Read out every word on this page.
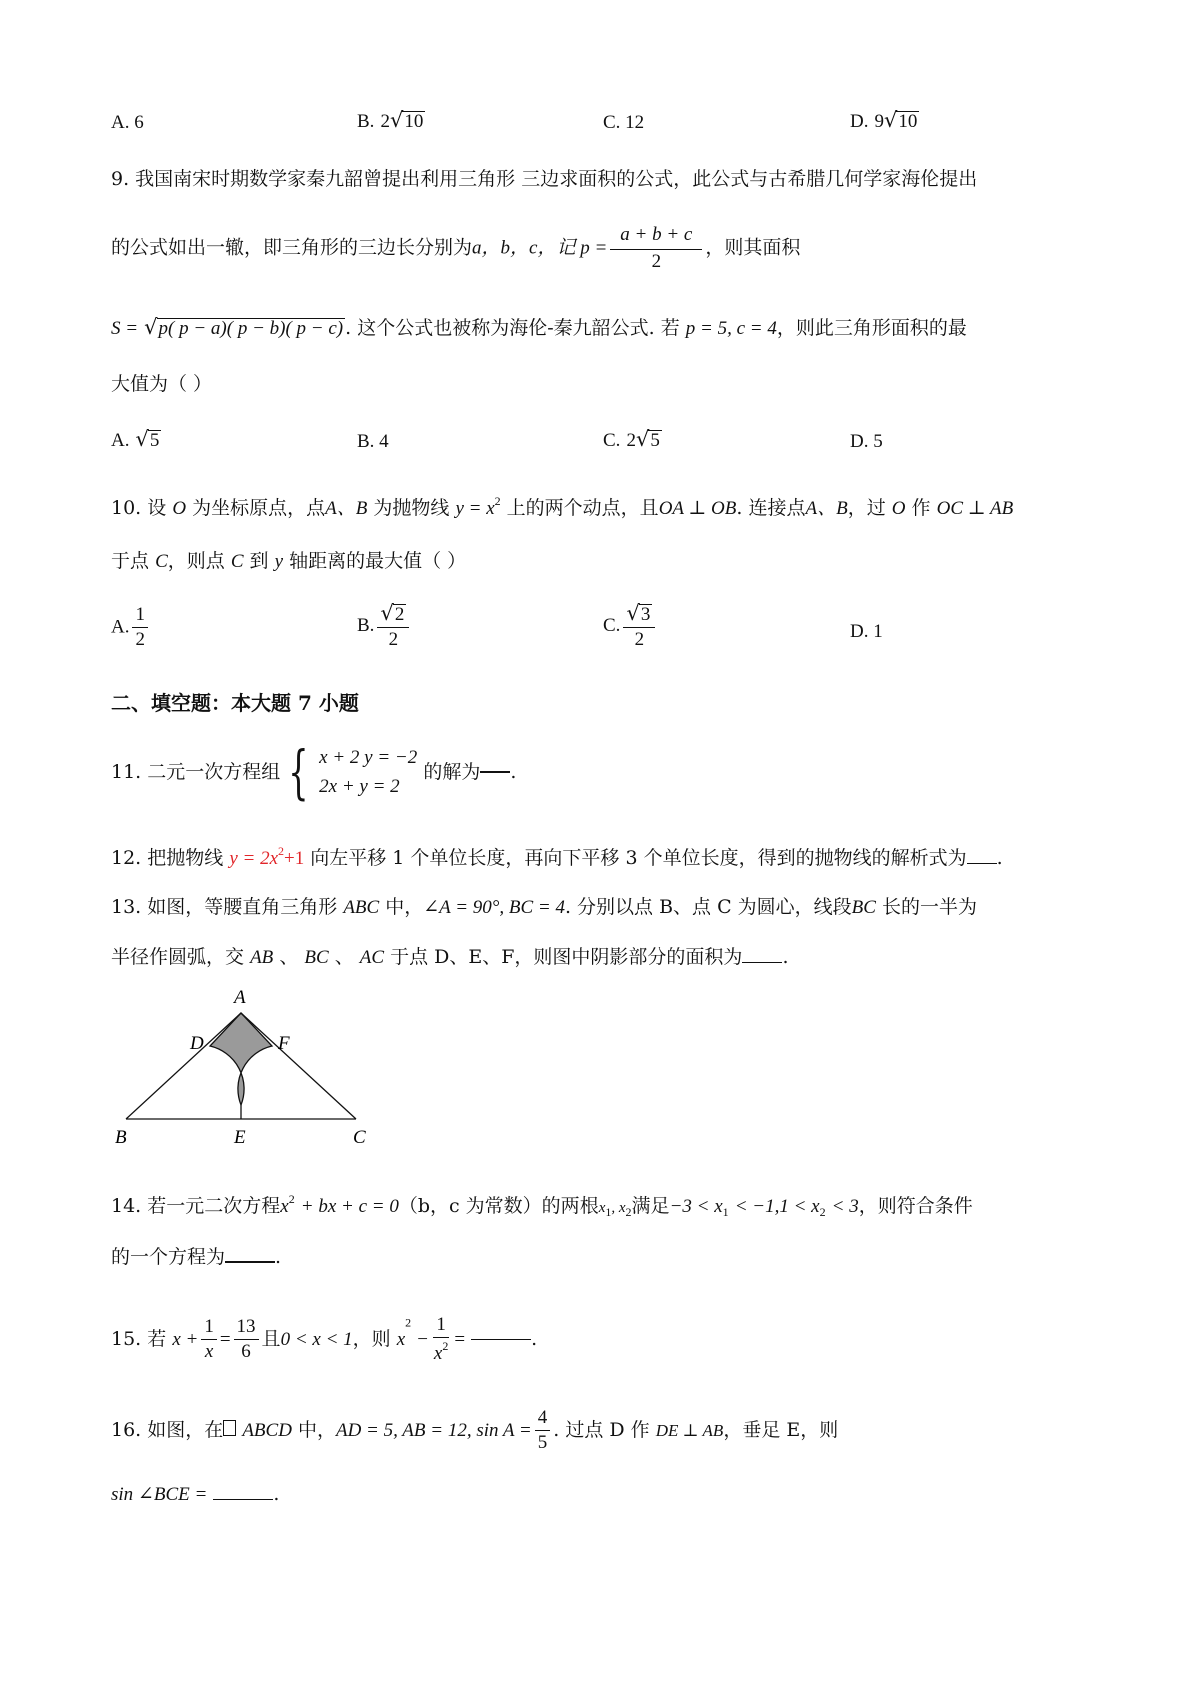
A. 6	B. 2√10	C. 12	D. 9√10
9. 我国南宋时期数学家秦九韶曾提出利用三角形 三边求面积的公式，此公式与古希腊几何学家海伦提出
的公式如出一辙，即三角形的三边长分别为a，b，c，记 $p = \frac{a + b + c}{2}$ ，则其面积
S = √p( p − a)( p − b)( p − c) . 这个公式也被称为海伦-秦九韶公式. 若 p = 5, c = 4，则此三角形面积的最
大值为（ ）
A. √5	B. 4	C. 2√5	D. 5
10. 设 O 为坐标原点，点A、B 为抛物线 $y = x^2$ 上的两个动点，且OA ⊥ OB. 连接点A、B，过 O 作 OC ⊥ AB
于点 C，则点 C 到 y 轴距离的最大值（ ）
A. $\frac{1}{2}$	B. $\frac{√2}{2}$	C. $\frac{√3}{2}$	D. 1
二、填空题：本大题 7 小题
11. 二元一次方程组 { x + 2 y = −2
2x + y = 2
的解为 .
12. 把抛物线 $y = 2x^2+1$ 向左平移 1 个单位长度，再向下平移 3 个单位长度，得到的抛物线的解析式为 .
13. 如图，等腰直角三角形 ABC 中，∠A = 90°, BC = 4. 分别以点 B、点 C 为圆心，线段BC 长的一半为
半径作圆弧，交 AB 、 BC 、 AC 于点 D、E、F，则图中阴影部分的面积为 .
A
D	F
B	E	C
14. 若一元二次方程$x^2$ + bx + c = 0（b，c 为常数）的两根$x_1$, $x_2$满足$-3 < x_1 < -1,1 < x_2 < 3$，则符合条件
的一个方程为	.
15. 若 $x + \frac{1}{x} = \frac{13}{6}$ 且0 < x < 1，则 $x^2 - \frac{1}{x^2}$ =	.
16. 如图，在 ABCD 中，AD = 5, AB = 12, $\sin A = \frac{4}{5}$ . 过点 D 作 DE ⊥ AB，垂足 E，则
sin ∠BCE =	.
